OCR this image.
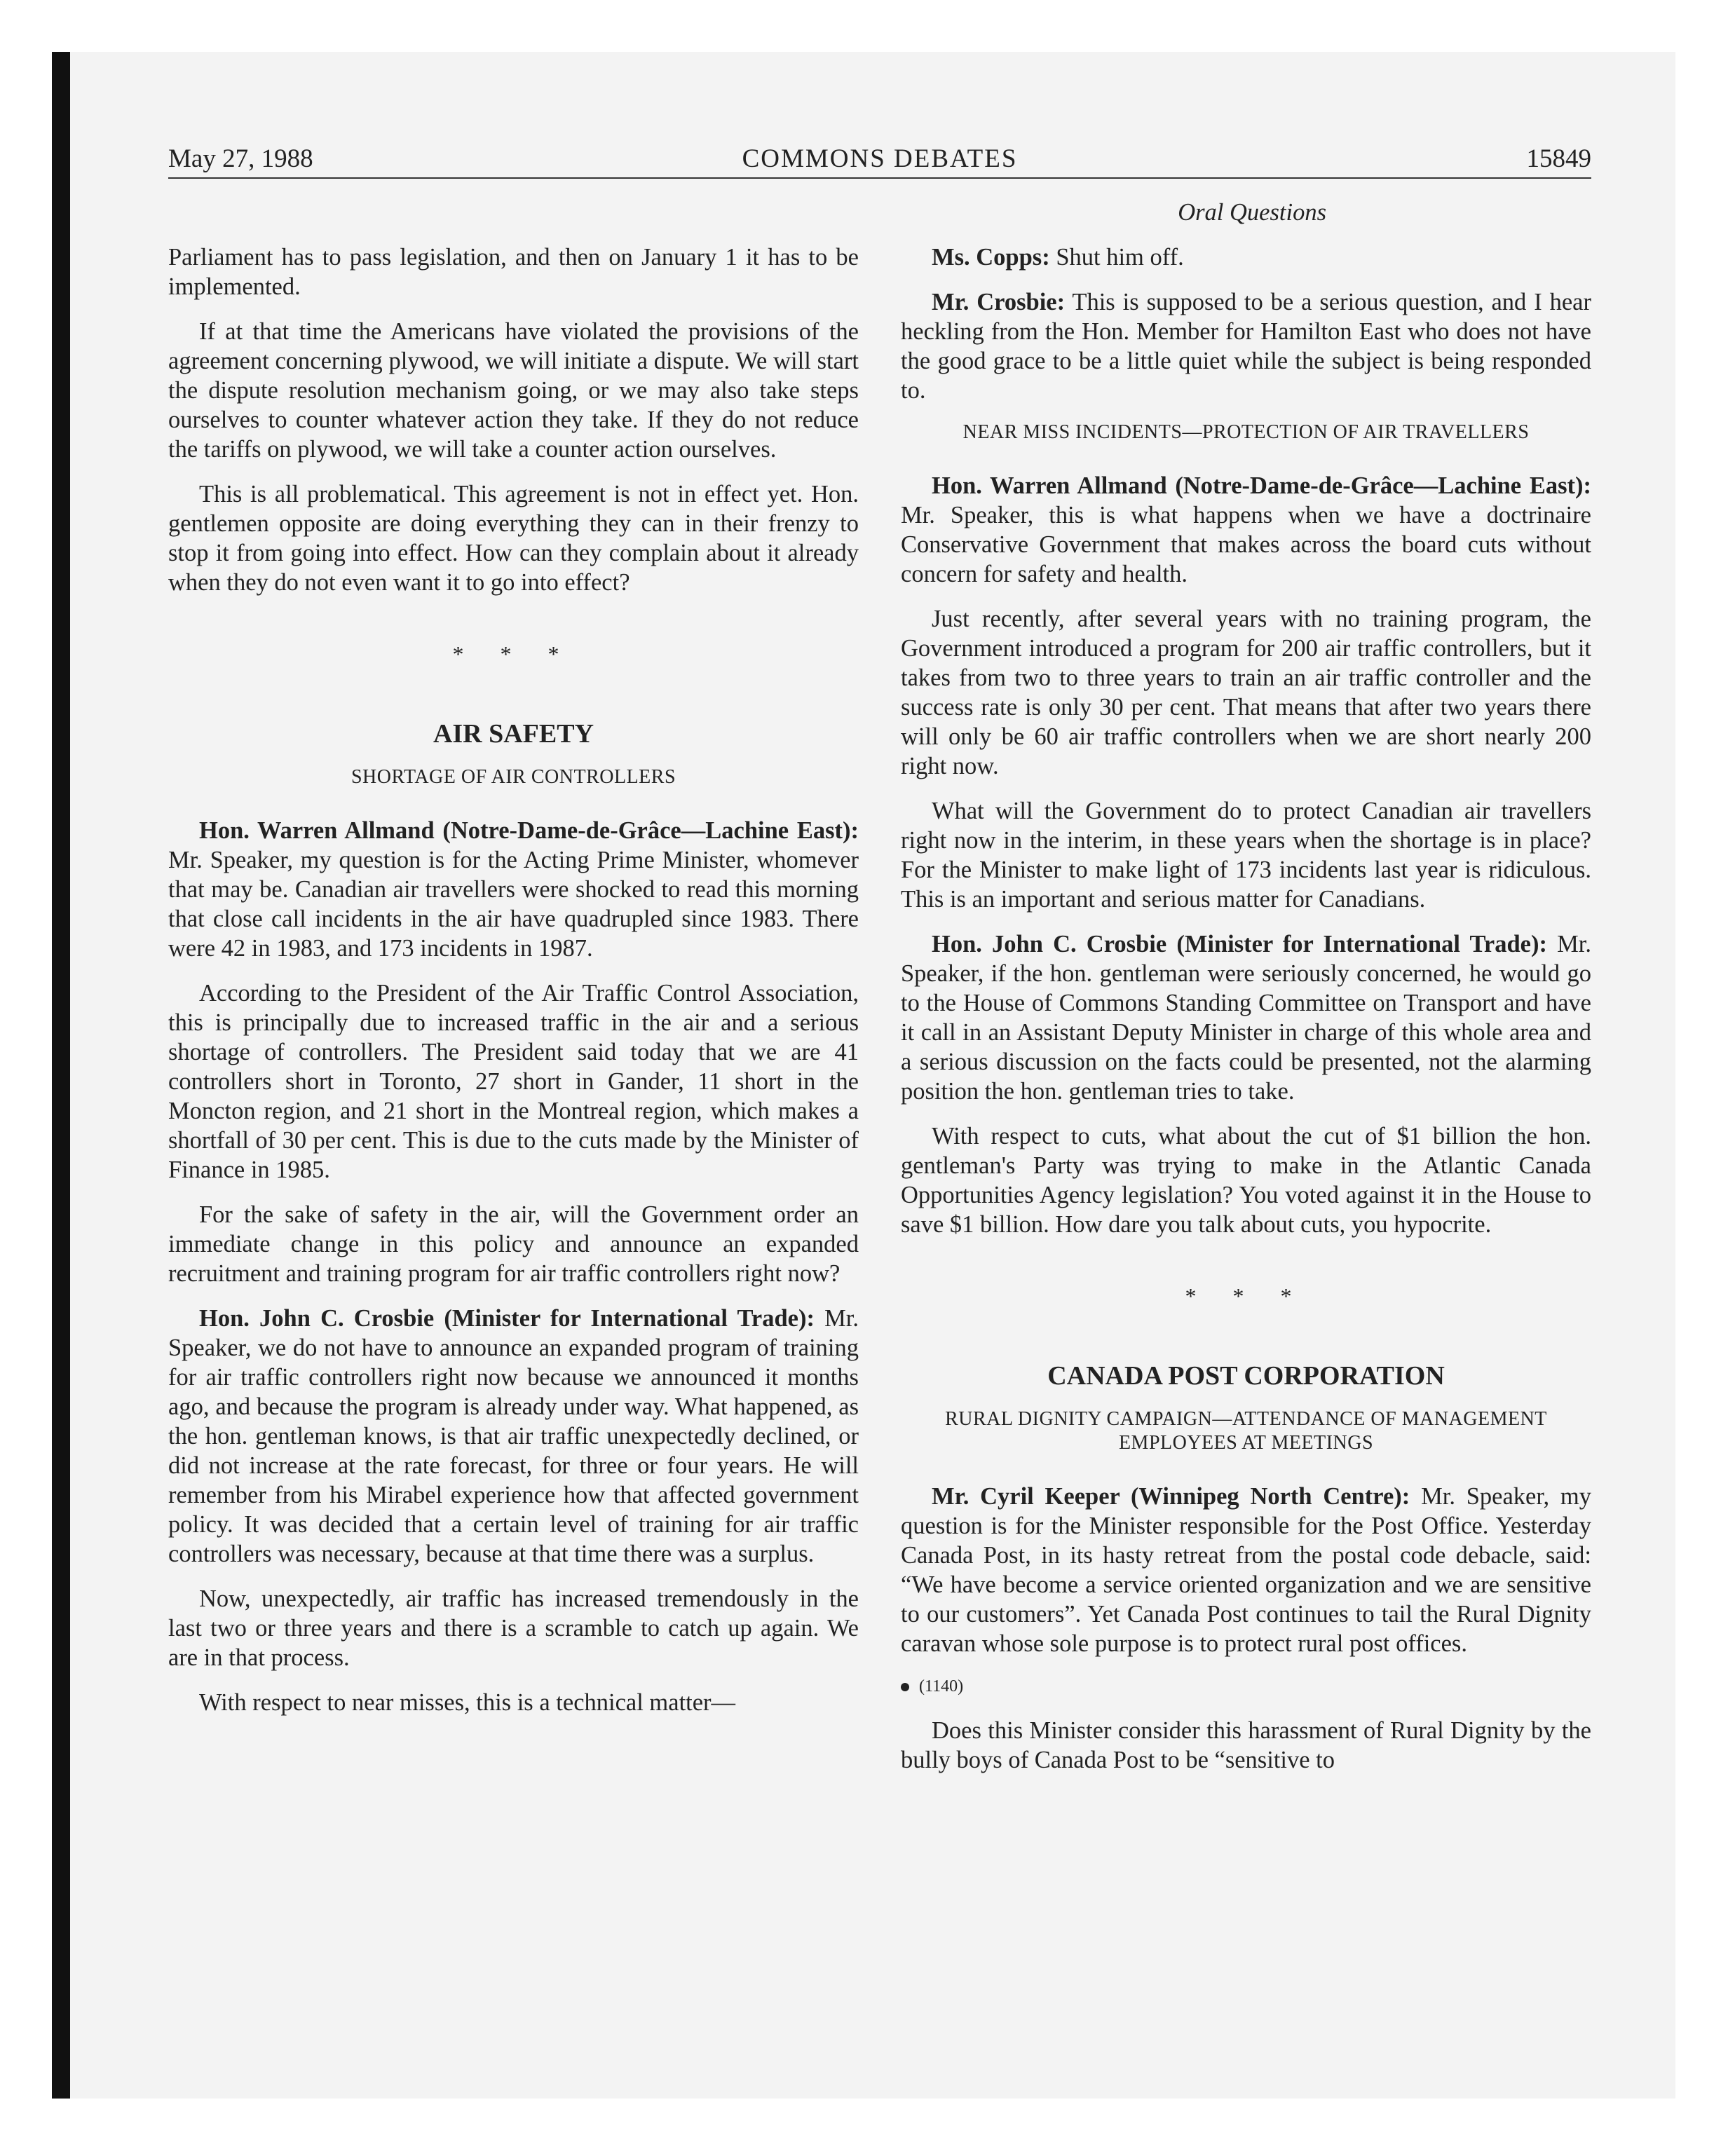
May 27, 1988	COMMONS DEBATES	15849

Parliament has to pass legislation, and then on January 1 it has to be implemented.

If at that time the Americans have violated the provisions of the agreement concerning plywood, we will initiate a dispute. We will start the dispute resolution mechanism going, or we may also take steps ourselves to counter whatever action they take. If they do not reduce the tariffs on plywood, we will take a counter action ourselves.

This is all problematical. This agreement is not in effect yet. Hon. gentlemen opposite are doing everything they can in their frenzy to stop it from going into effect. How can they complain about it already when they do not even want it to go into effect?

* * *
AIR SAFETY
SHORTAGE OF AIR CONTROLLERS

Hon. Warren Allmand (Notre-Dame-de-Grâce—Lachine East): Mr. Speaker, my question is for the Acting Prime Minister, whomever that may be. Canadian air travellers were shocked to read this morning that close call incidents in the air have quadrupled since 1983. There were 42 in 1983, and 173 incidents in 1987.

According to the President of the Air Traffic Control Association, this is principally due to increased traffic in the air and a serious shortage of controllers. The President said today that we are 41 controllers short in Toronto, 27 short in Gander, 11 short in the Moncton region, and 21 short in the Montreal region, which makes a shortfall of 30 per cent. This is due to the cuts made by the Minister of Finance in 1985.

For the sake of safety in the air, will the Government order an immediate change in this policy and announce an expanded recruitment and training program for air traffic controllers right now?

Hon. John C. Crosbie (Minister for International Trade): Mr. Speaker, we do not have to announce an expanded program of training for air traffic controllers right now because we announced it months ago, and because the program is already under way. What happened, as the hon. gentleman knows, is that air traffic unexpectedly declined, or did not increase at the rate forecast, for three or four years. He will remember from his Mirabel experience how that affected government policy. It was decided that a certain level of training for air traffic controllers was necessary, because at that time there was a surplus.

Now, unexpectedly, air traffic has increased tremendously in the last two or three years and there is a scramble to catch up again. We are in that process.

With respect to near misses, this is a technical matter—

Oral Questions

Ms. Copps: Shut him off.

Mr. Crosbie: This is supposed to be a serious question, and I hear heckling from the Hon. Member for Hamilton East who does not have the good grace to be a little quiet while the subject is being responded to.

NEAR MISS INCIDENTS—PROTECTION OF AIR TRAVELLERS

Hon. Warren Allmand (Notre-Dame-de-Grâce—Lachine East): Mr. Speaker, this is what happens when we have a doctrinaire Conservative Government that makes across the board cuts without concern for safety and health.

Just recently, after several years with no training program, the Government introduced a program for 200 air traffic controllers, but it takes from two to three years to train an air traffic controller and the success rate is only 30 per cent. That means that after two years there will only be 60 air traffic controllers when we are short nearly 200 right now.

What will the Government do to protect Canadian air travellers right now in the interim, in these years when the shortage is in place? For the Minister to make light of 173 incidents last year is ridiculous. This is an important and serious matter for Canadians.

Hon. John C. Crosbie (Minister for International Trade): Mr. Speaker, if the hon. gentleman were seriously concerned, he would go to the House of Commons Standing Committee on Transport and have it call in an Assistant Deputy Minister in charge of this whole area and a serious discussion on the facts could be presented, not the alarming position the hon. gentleman tries to take.

With respect to cuts, what about the cut of $1 billion the hon. gentleman's Party was trying to make in the Atlantic Canada Opportunities Agency legislation? You voted against it in the House to save $1 billion. How dare you talk about cuts, you hypocrite.

* * *
CANADA POST CORPORATION
RURAL DIGNITY CAMPAIGN—ATTENDANCE OF MANAGEMENT EMPLOYEES AT MEETINGS

Mr. Cyril Keeper (Winnipeg North Centre): Mr. Speaker, my question is for the Minister responsible for the Post Office. Yesterday Canada Post, in its hasty retreat from the postal code debacle, said: “We have become a service oriented organization and we are sensitive to our customers”. Yet Canada Post continues to tail the Rural Dignity caravan whose sole purpose is to protect rural post offices.

(1140)

Does this Minister consider this harassment of Rural Dignity by the bully boys of Canada Post to be “sensitive to
